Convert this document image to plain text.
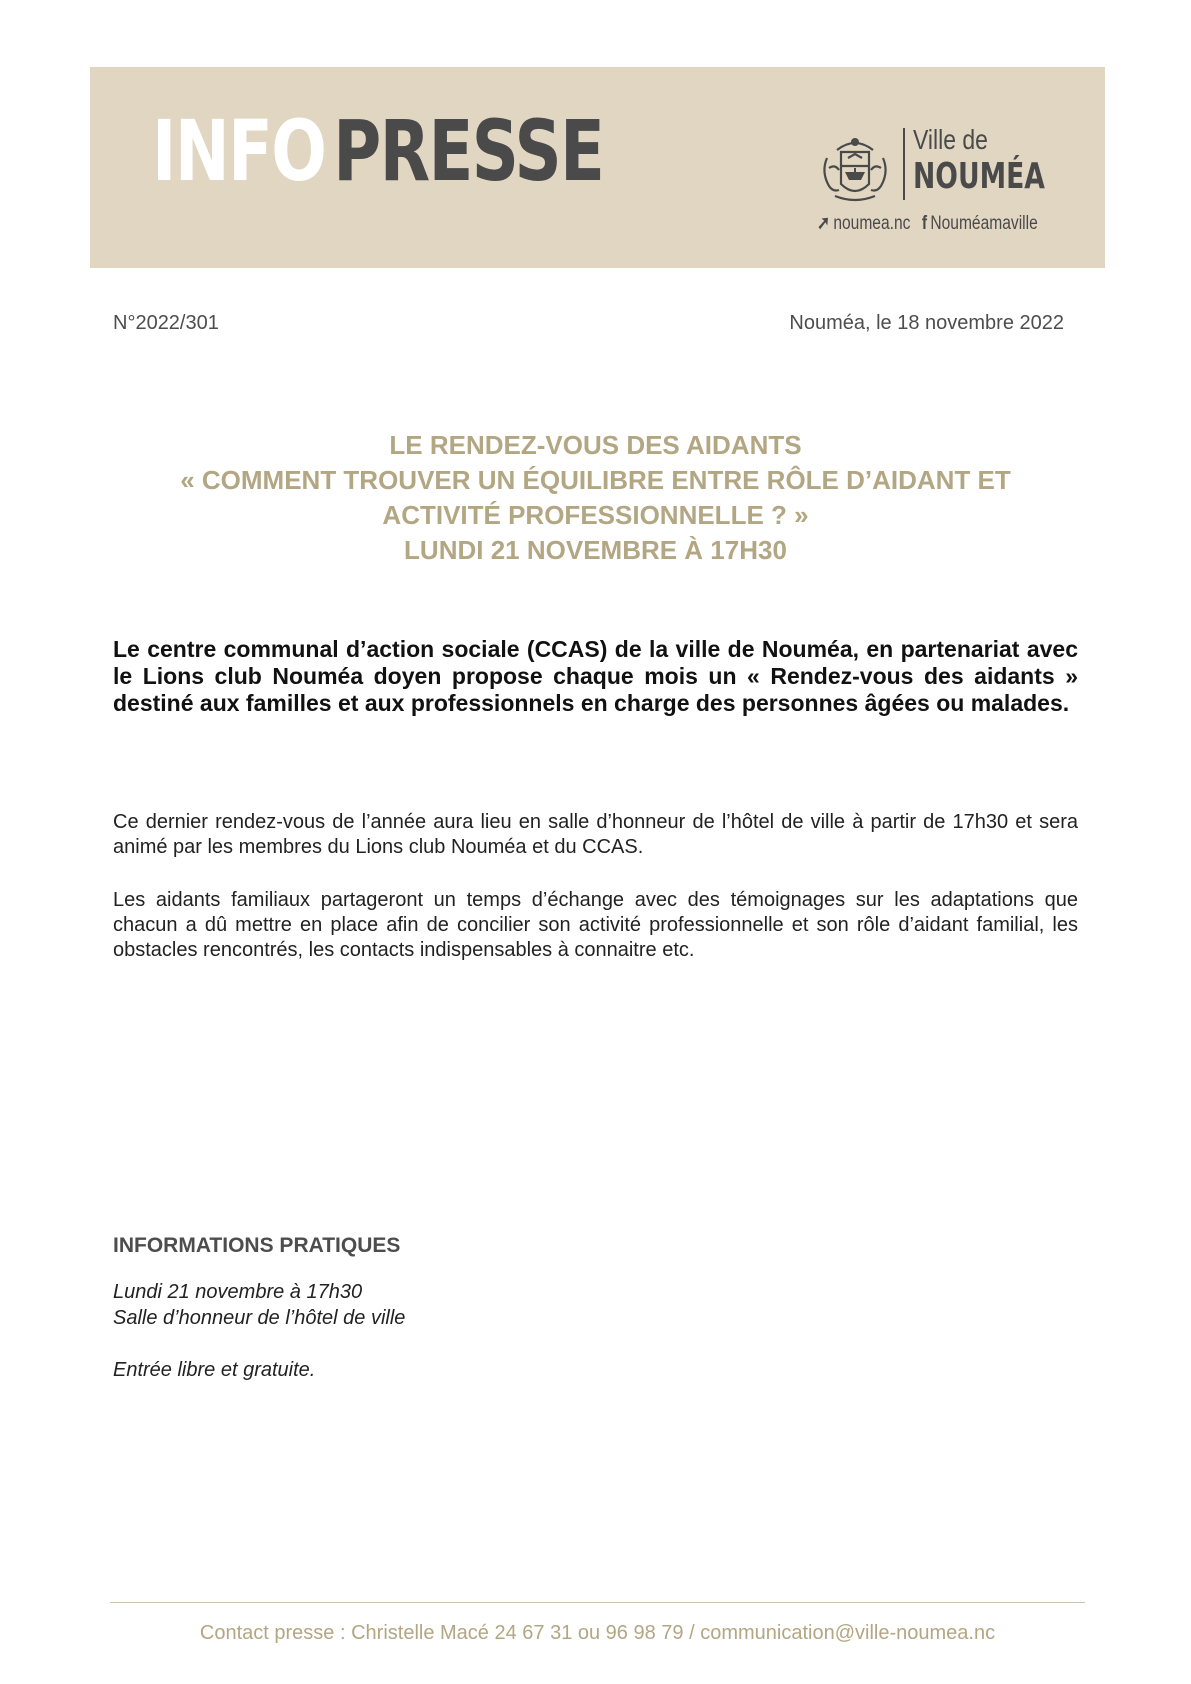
INFOPRESSE	Ville de
NOUMÉA
➚ noumea.nc f Nouméamaville
N°2022/301	Nouméa, le 18 novembre 2022
LE RENDEZ-VOUS DES AIDANTS
« COMMENT TROUVER UN ÉQUILIBRE ENTRE RÔLE D’AIDANT ET
ACTIVITÉ PROFESSIONNELLE ? »
LUNDI 21 NOVEMBRE À 17H30
Le centre communal d’action sociale (CCAS) de la ville de Nouméa, en partenariat avec le Lions club Nouméa doyen propose chaque mois un « Rendez-vous des aidants » destiné aux familles et aux professionnels en charge des personnes âgées ou malades.
Ce dernier rendez-vous de l’année aura lieu en salle d’honneur de l’hôtel de ville à partir de 17h30 et sera animé par les membres du Lions club Nouméa et du CCAS.
Les aidants familiaux partageront un temps d’échange avec des témoignages sur les adaptations que chacun a dû mettre en place afin de concilier son activité professionnelle et son rôle d’aidant familial, les obstacles rencontrés, les contacts indispensables à connaitre etc.
INFORMATIONS PRATIQUES
Lundi 21 novembre à 17h30
Salle d’honneur de l’hôtel de ville
Entrée libre et gratuite.
Contact presse : Christelle Macé 24 67 31 ou 96 98 79 / communication@ville-noumea.nc
